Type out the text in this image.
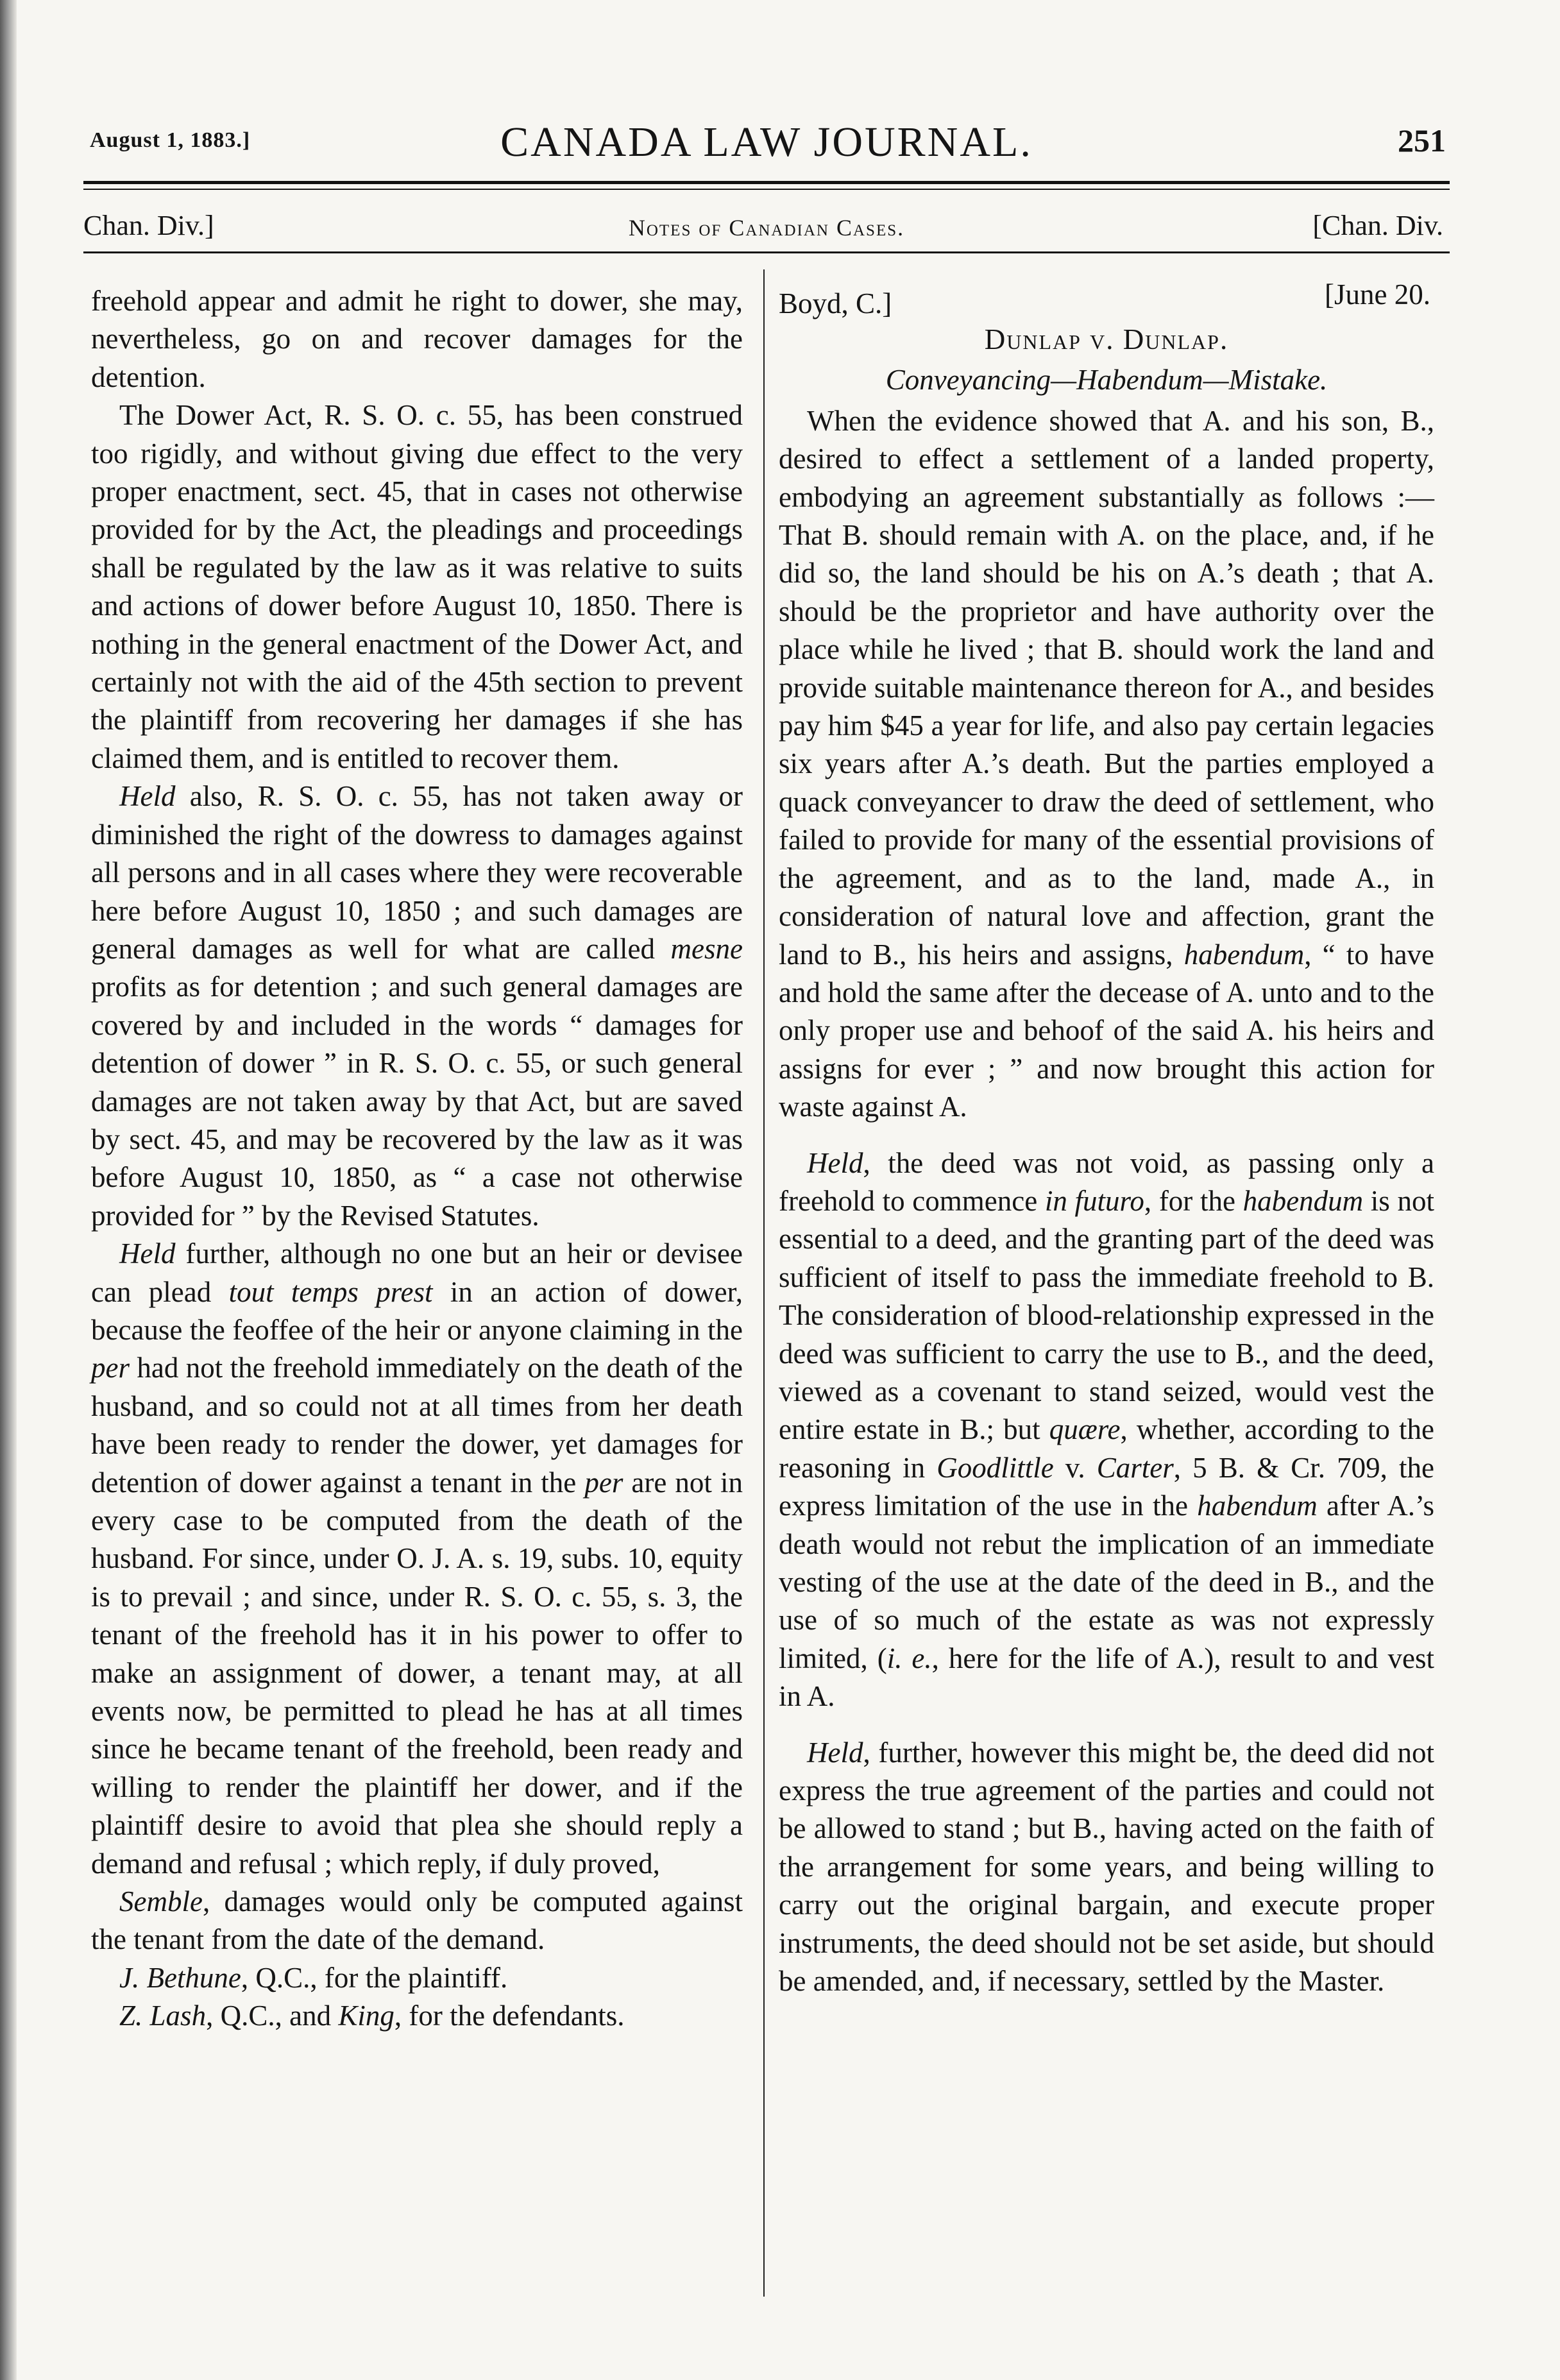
August 1, 1883.]	CANADA LAW JOURNAL.	251
Chan. Div.]	Notes of Canadian Cases.	[Chan. Div.

freehold appear and admit he right to dower, she may, nevertheless, go on and recover damages for the detention.

The Dower Act, R. S. O. c. 55, has been construed too rigidly, and without giving due effect to the very proper enactment, sect. 45, that in cases not otherwise provided for by the Act, the pleadings and proceedings shall be regulated by the law as it was relative to suits and actions of dower before August 10, 1850. There is nothing in the general enactment of the Dower Act, and certainly not with the aid of the 45th section to prevent the plaintiff from recovering her damages if she has claimed them, and is entitled to recover them.

Held also, R. S. O. c. 55, has not taken away or diminished the right of the dowress to damages against all persons and in all cases where they were recoverable here before August 10, 1850 ; and such damages are general damages as well for what are called mesne profits as for detention ; and such general damages are covered by and included in the words “ damages for detention of dower ” in R. S. O. c. 55, or such general damages are not taken away by that Act, but are saved by sect. 45, and may be recovered by the law as it was before August 10, 1850, as “ a case not otherwise provided for ” by the Revised Statutes.

Held further, although no one but an heir or devisee can plead tout temps prest in an action of dower, because the feoffee of the heir or anyone claiming in the per had not the freehold immediately on the death of the husband, and so could not at all times from her death have been ready to render the dower, yet damages for detention of dower against a tenant in the per are not in every case to be computed from the death of the husband. For since, under O. J. A. s. 19, subs. 10, equity is to prevail ; and since, under R. S. O. c. 55, s. 3, the tenant of the freehold has it in his power to offer to make an assignment of dower, a tenant may, at all events now, be permitted to plead he has at all times since he became tenant of the freehold, been ready and willing to render the plaintiff her dower, and if the plaintiff desire to avoid that plea she should reply a demand and refusal ; which reply, if duly proved,

Semble, damages would only be computed against the tenant from the date of the demand.

J. Bethune, Q.C., for the plaintiff.

Z. Lash, Q.C., and King, for the defendants.

Boyd, C.]	[June 20.
Dunlap v. Dunlap.
Conveyancing—Habendum—Mistake.

When the evidence showed that A. and his son, B., desired to effect a settlement of a landed property, embodying an agreement substantially as follows :—That B. should remain with A. on the place, and, if he did so, the land should be his on A.’s death ; that A. should be the proprietor and have authority over the place while he lived ; that B. should work the land and provide suitable maintenance thereon for A., and besides pay him $45 a year for life, and also pay certain legacies six years after A.’s death. But the parties employed a quack conveyancer to draw the deed of settlement, who failed to provide for many of the essential provisions of the agreement, and as to the land, made A., in consideration of natural love and affection, grant the land to B., his heirs and assigns, habendum, “ to have and hold the same after the decease of A. unto and to the only proper use and behoof of the said A. his heirs and assigns for ever ; ” and now brought this action for waste against A.

Held, the deed was not void, as passing only a freehold to commence in futuro, for the habendum is not essential to a deed, and the granting part of the deed was sufficient of itself to pass the immediate freehold to B. The consideration of blood-relationship expressed in the deed was sufficient to carry the use to B., and the deed, viewed as a covenant to stand seized, would vest the entire estate in B.; but quære, whether, according to the reasoning in Goodlittle v. Carter, 5 B. & Cr. 709, the express limitation of the use in the habendum after A.’s death would not rebut the implication of an immediate vesting of the use at the date of the deed in B., and the use of so much of the estate as was not expressly limited, (i. e., here for the life of A.), result to and vest in A.

Held, further, however this might be, the deed did not express the true agreement of the parties and could not be allowed to stand ; but B., having acted on the faith of the arrangement for some years, and being willing to carry out the original bargain, and execute proper instruments, the deed should not be set aside, but should be amended, and, if necessary, settled by the Master.
